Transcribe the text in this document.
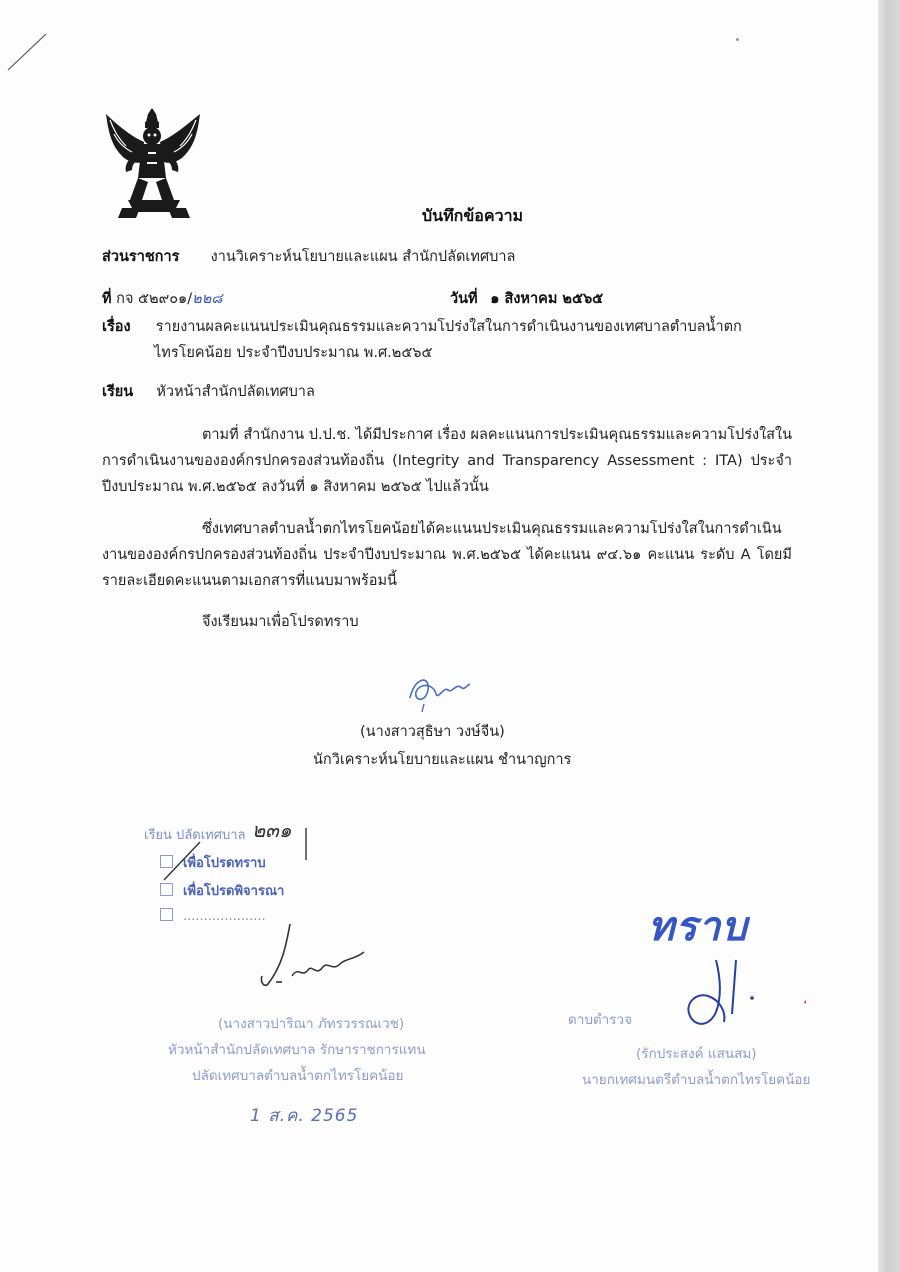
บันทึกข้อความ
ส่วนราชการ งานวิเคราะห์นโยบายและแผน สำนักปลัดเทศบาล
ที่ กจ ๕๒๙๐๑/๒๒๘	วันที่ ๑ สิงหาคม ๒๕๖๕
เรื่อง รายงานผลคะแนนประเมินคุณธรรมและความโปร่งใสในการดำเนินงานของเทศบาลตำบลน้ำตก
ไทรโยคน้อย ประจำปีงบประมาณ พ.ศ.๒๕๖๕
เรียน หัวหน้าสำนักปลัดเทศบาล
ตามที่ สำนักงาน ป.ป.ช. ได้มีประกาศ เรื่อง ผลคะแนนการประเมินคุณธรรมและความโปร่งใสในการดำเนินงานขององค์กรปกครองส่วนท้องถิ่น (Integrity and Transparency Assessment : ITA) ประจำปีงบประมาณ พ.ศ.๒๕๖๕ ลงวันที่ ๑ สิงหาคม ๒๕๖๕ ไปแล้วนั้น
ซึ่งเทศบาลตำบลน้ำตกไทรโยคน้อยได้คะแนนประเมินคุณธรรมและความโปร่งใสในการดำเนินงานขององค์กรปกครองส่วนท้องถิ่น ประจำปีงบประมาณ พ.ศ.๒๕๖๕ ได้คะแนน ๙๔.๖๑ คะแนน ระดับ A โดยมีรายละเอียดคะแนนตามเอกสารที่แนบมาพร้อมนี้
จึงเรียนมาเพื่อโปรดทราบ
(นางสาวสุธิษา วงษ์จีน)
นักวิเคราะห์นโยบายและแผน ชำนาญการ
เรียน ปลัดเทศบาล ๒๓๑
เพื่อโปรดทราบ
เพื่อโปรดพิจารณา
....................
(นางสาวปาริณา ภัทรวรรณเวช)
หัวหน้าสำนักปลัดเทศบาล รักษาราชการแทน
ปลัดเทศบาลตำบลน้ำตกไทรโยคน้อย
1 ส.ค. 2565
ทราบ
ดาบตำรวจ
(รักประสงค์ แสนสม)
นายกเทศมนตรีตำบลน้ำตกไทรโยคน้อย
